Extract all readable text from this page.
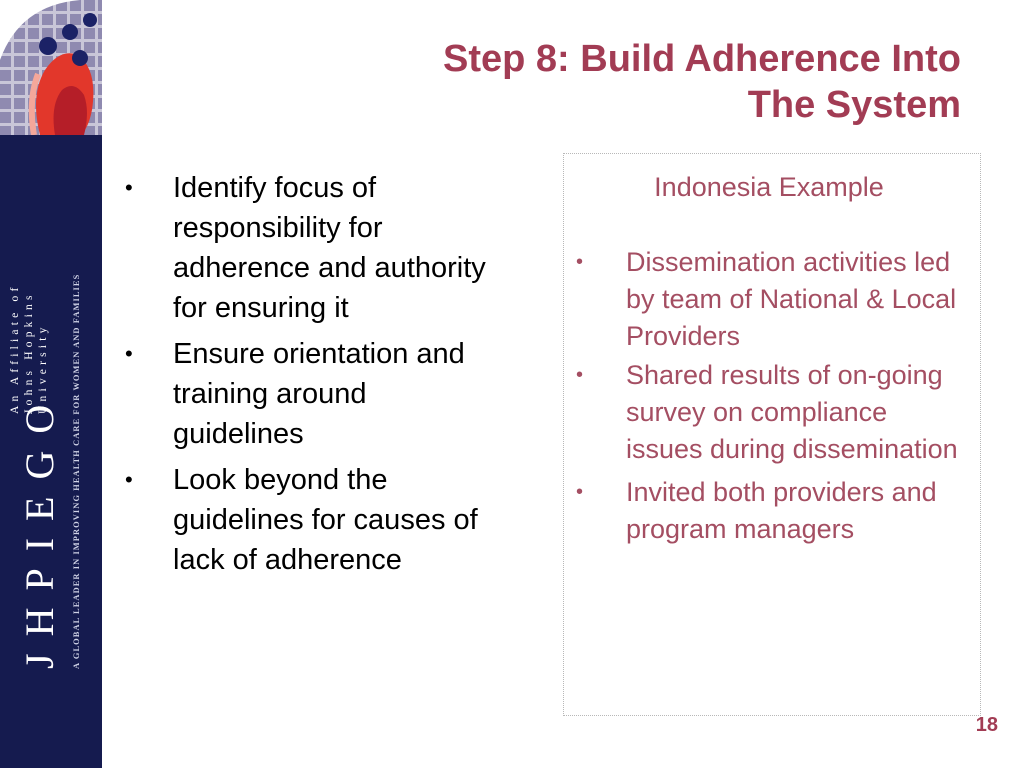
JHPIEGO
An Affiliate of Johns Hopkins University	A GLOBAL LEADER IN IMPROVING HEALTH CARE FOR WOMEN AND FAMILIES
Step 8: Build Adherence Into
The System
• Identify focus of responsibility for adherence and authority for ensuring it
• Ensure orientation and training around guidelines
• Look beyond the guidelines for causes of lack of adherence
Indonesia Example
• Dissemination activities led by team of National & Local Providers
• Shared results of on-going survey on compliance issues during dissemination
• Invited both providers and program managers
18
